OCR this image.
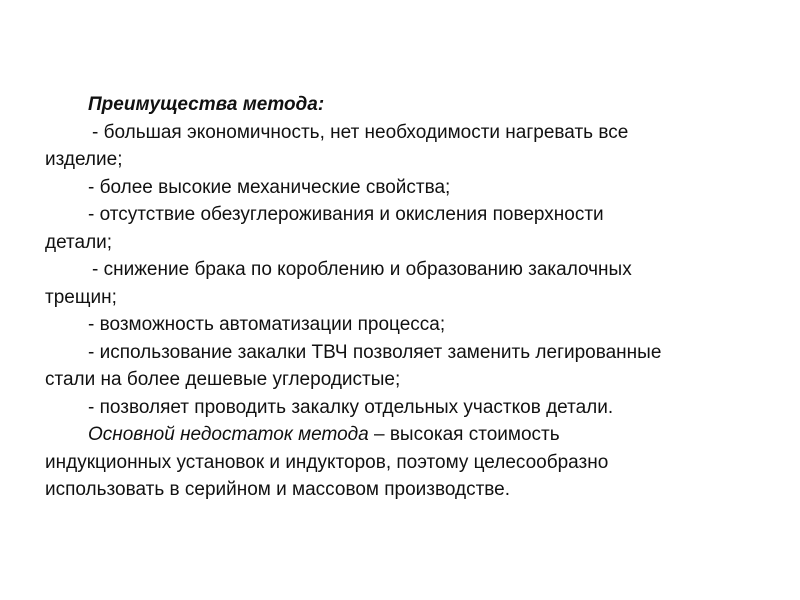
Преимущества метода:
- большая экономичность, нет необходимости нагревать все
изделие;
- более высокие механические свойства;
- отсутствие обезуглероживания и окисления поверхности
детали;
- снижение брака по короблению и образованию закалочных
трещин;
- возможность автоматизации процесса;
- использование закалки ТВЧ позволяет заменить легированные
стали на более дешевые углеродистые;
- позволяет проводить закалку отдельных участков детали.
Основной недостаток метода – высокая стоимость
индукционных установок и индукторов, поэтому целесообразно
использовать в серийном и массовом производстве.
